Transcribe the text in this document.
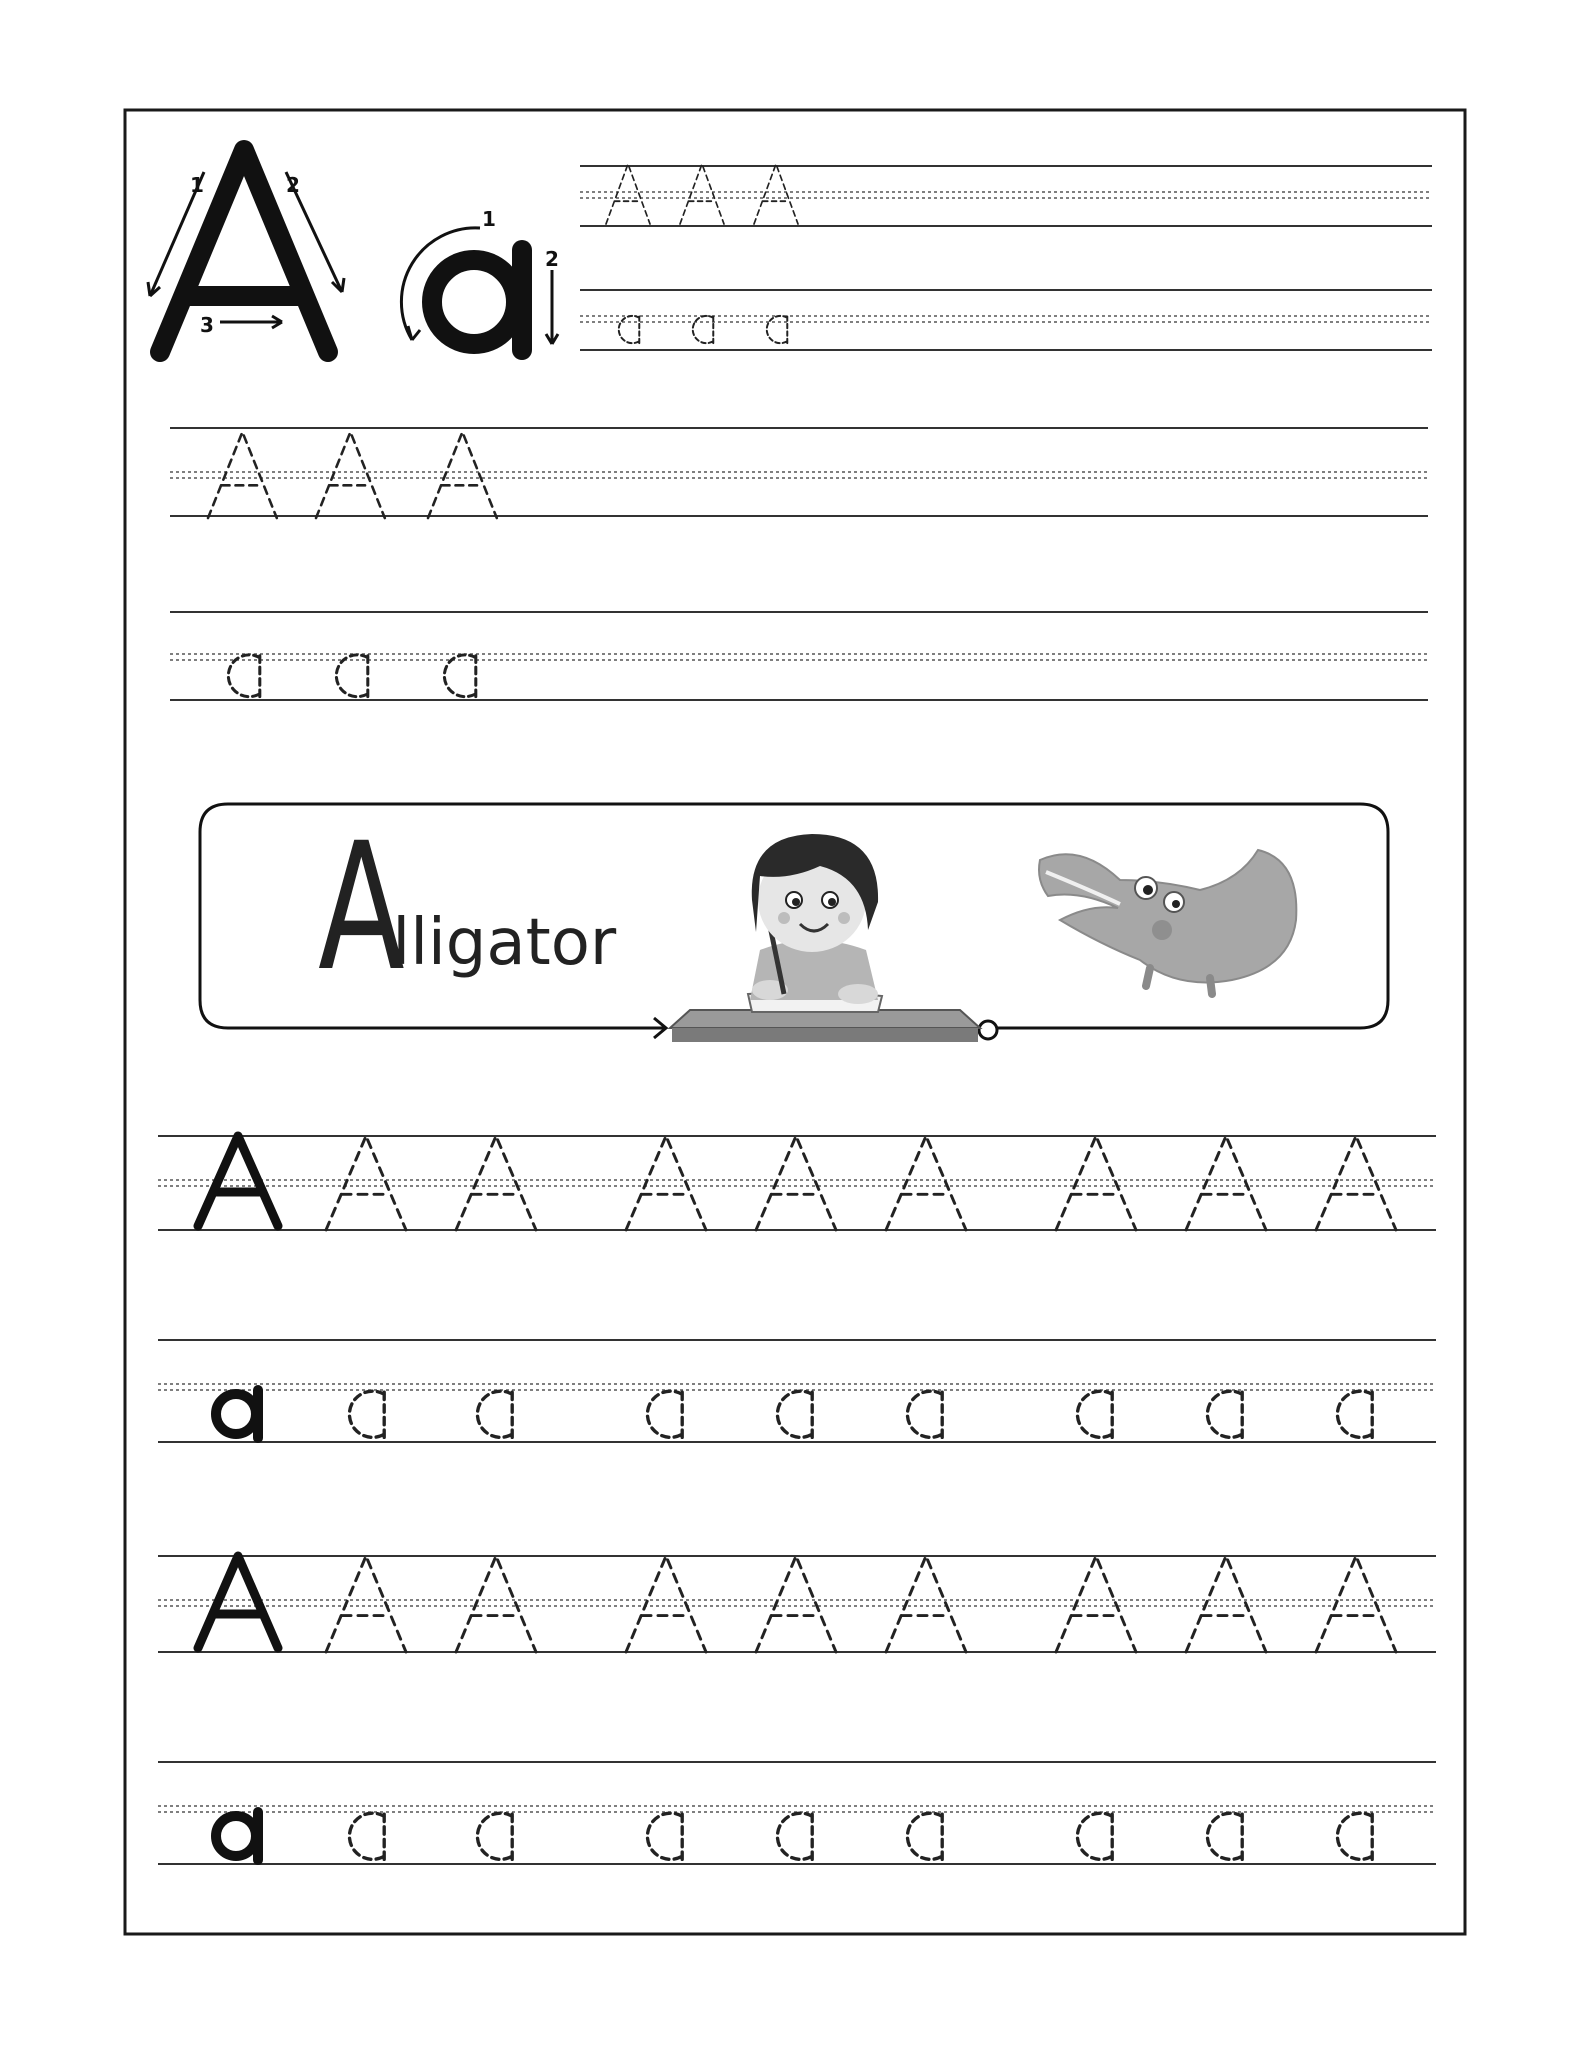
1	2
3
1
2
Alligator
